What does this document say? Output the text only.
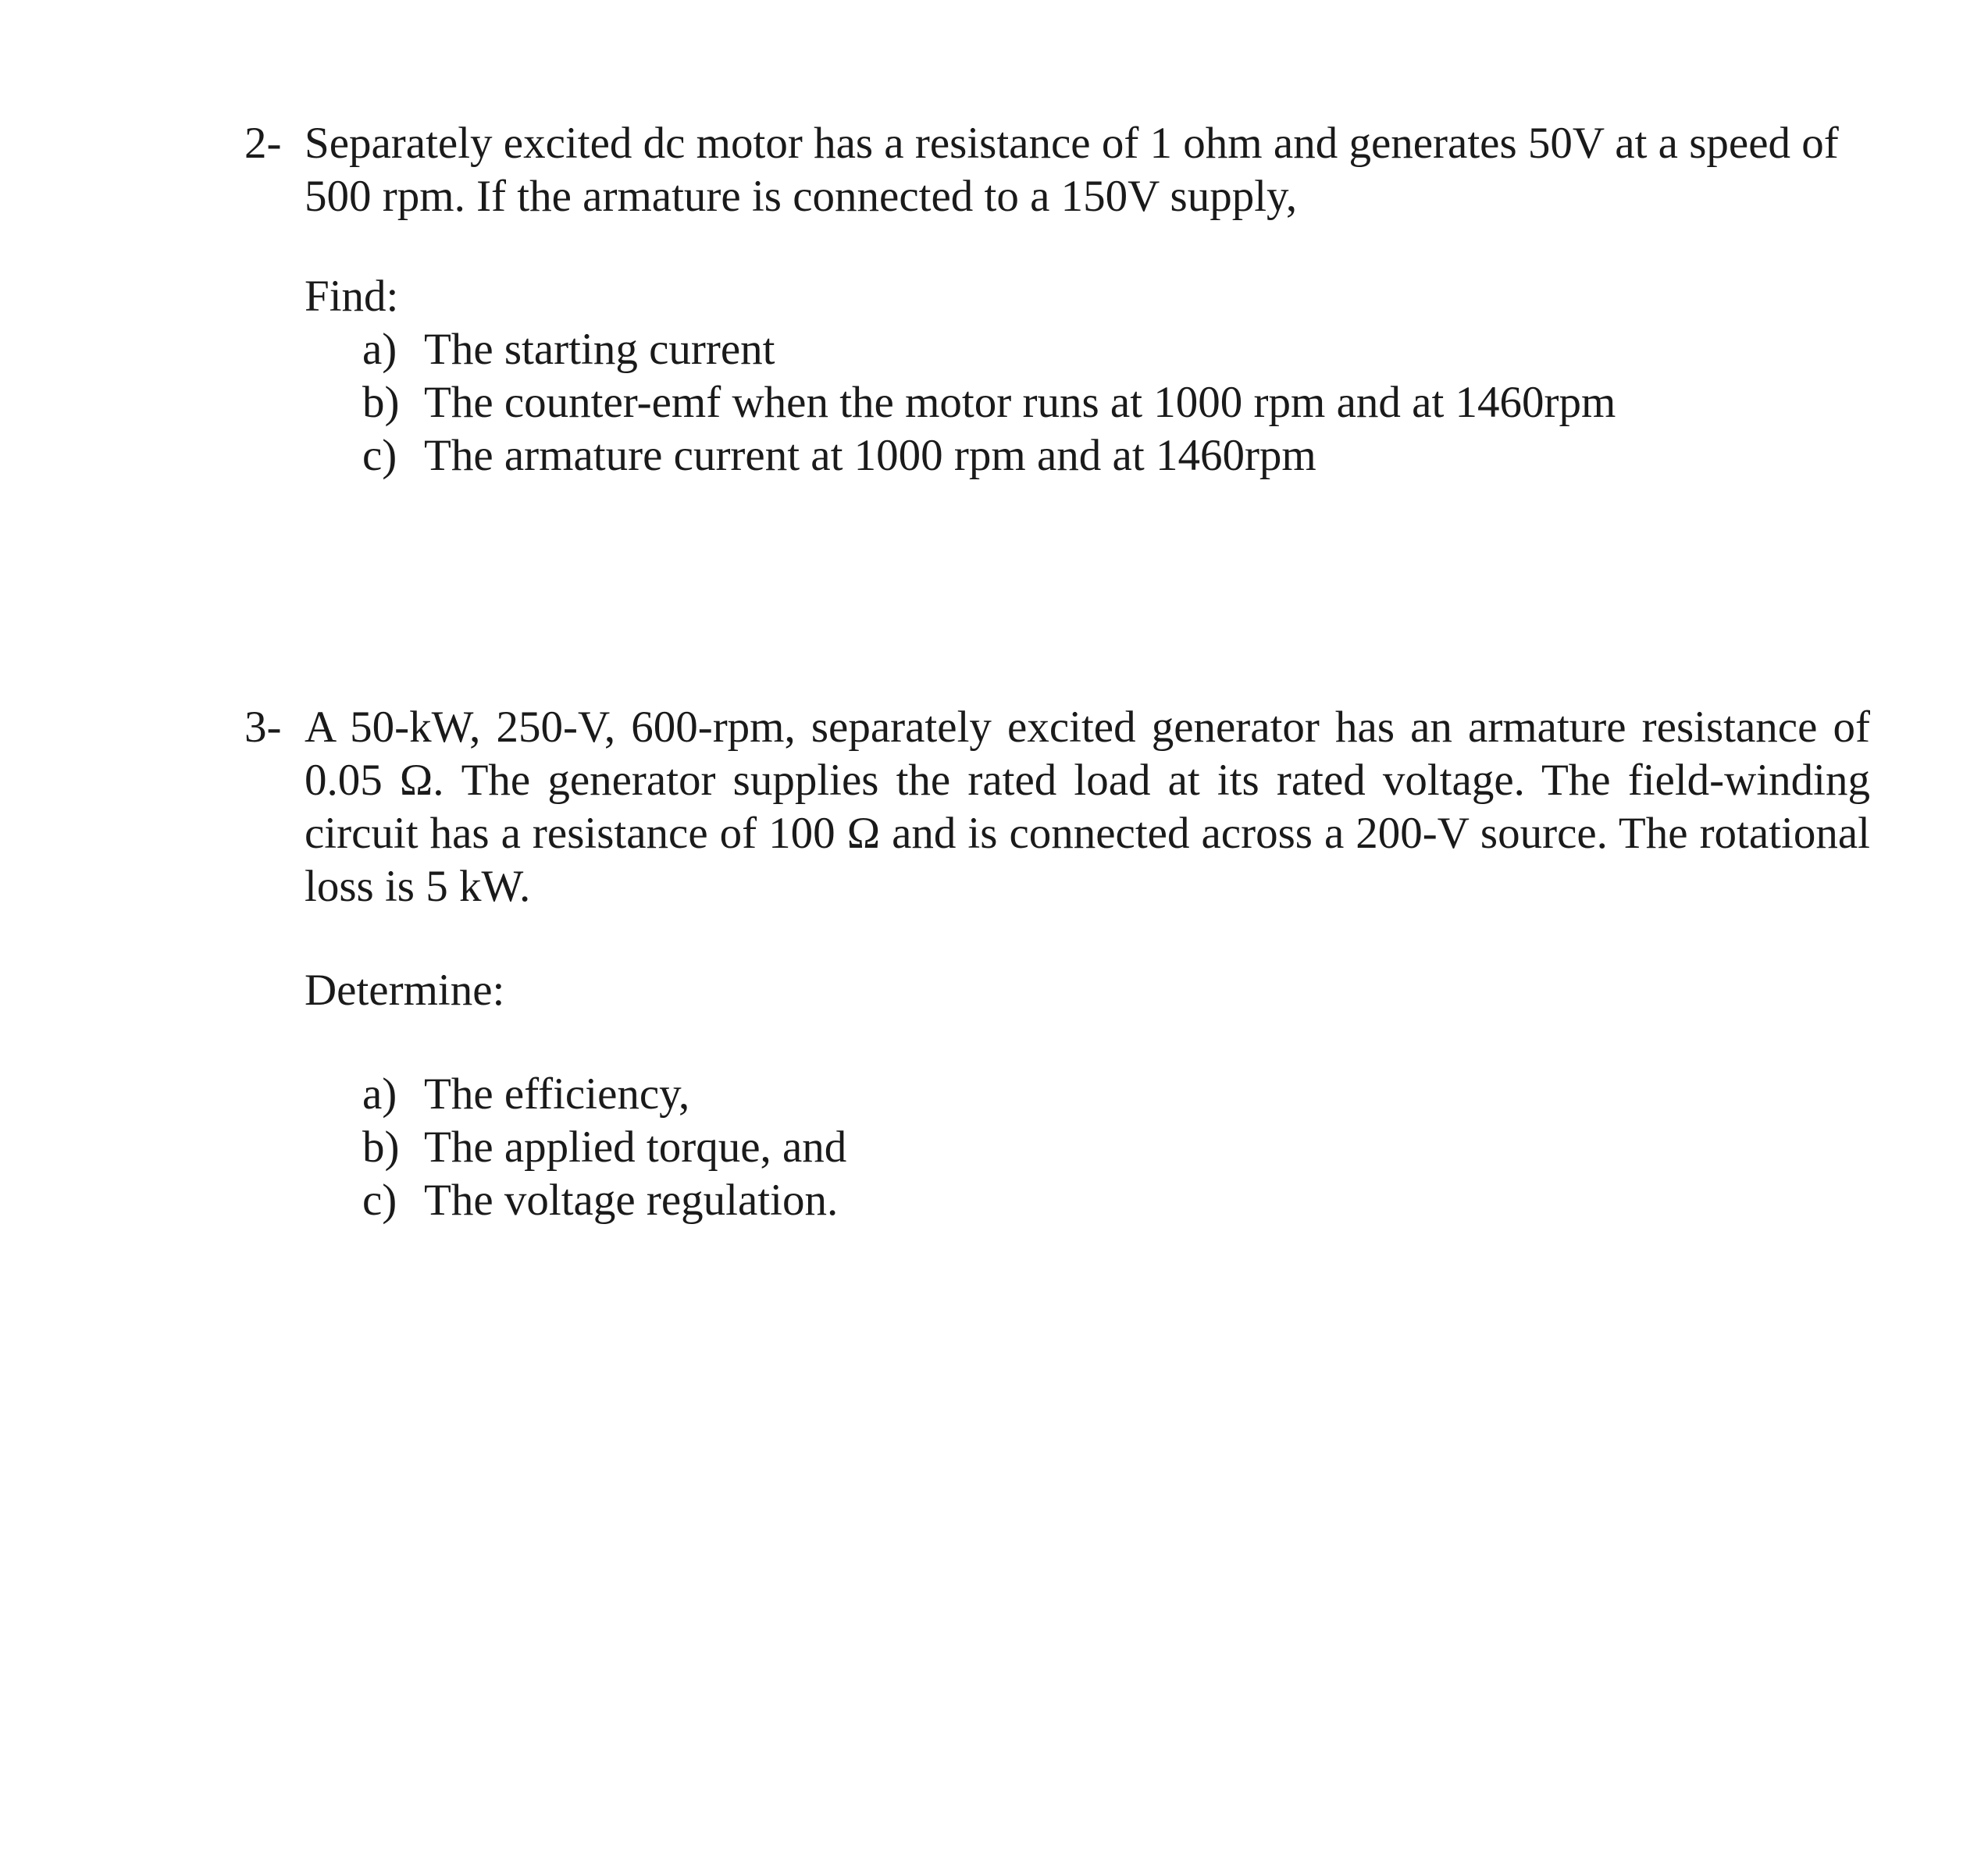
2- Separately excited dc motor has a resistance of 1 ohm and generates 50V at a speed of 500 rpm. If the armature is connected to a 150V supply,
Find:
a) The starting current
b) The counter-emf when the motor runs at 1000 rpm and at 1460rpm
c) The armature current at 1000 rpm and at 1460rpm
3- A 50-kW, 250-V, 600-rpm, separately excited generator has an armature resistance of 0.05 Ω. The generator supplies the rated load at its rated voltage. The field-winding circuit has a resistance of 100 Ω and is connected across a 200-V source. The rotational loss is 5 kW.
Determine:
a) The efficiency,
b) The applied torque, and
c) The voltage regulation.
